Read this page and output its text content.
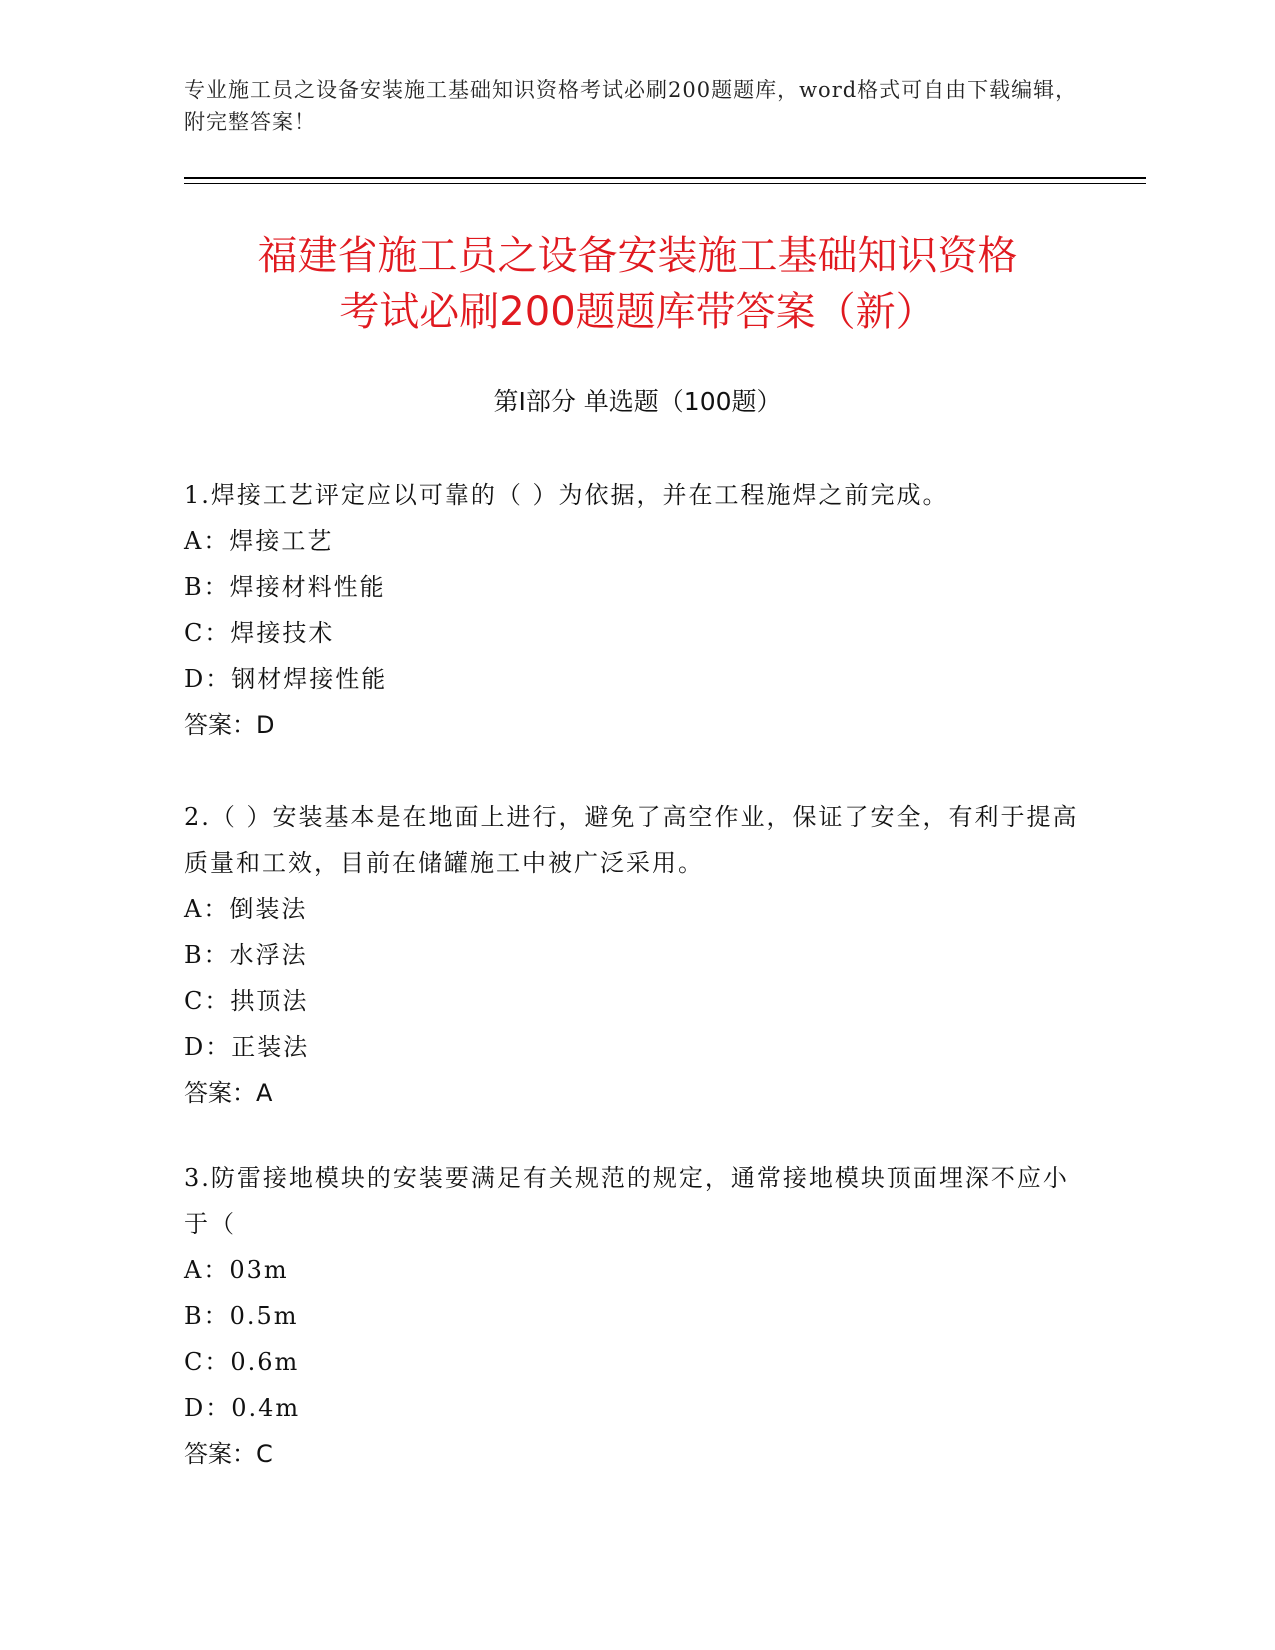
专业施工员之设备安装施工基础知识资格考试必刷200题题库，word格式可自由下载编辑，附完整答案！
福建省施工员之设备安装施工基础知识资格
考试必刷200题题库带答案（新）
第Ⅰ部分 单选题（100题）

1.焊接工艺评定应以可靠的（ ）为依据，并在工程施焊之前完成。

A：焊接工艺

B：焊接材料性能

C：焊接技术

D：钢材焊接性能

答案：D

2.（ ）安装基本是在地面上进行，避免了高空作业，保证了安全，有利于提高质量和工效，目前在储罐施工中被广泛采用。

A：倒装法

B：水浮法

C：拱顶法

D：正装法

答案：A

3.防雷接地模块的安装要满足有关规范的规定，通常接地模块顶面埋深不应小于（

A：03m

B：0.5m

C：0.6m

D：0.4m

答案：C
